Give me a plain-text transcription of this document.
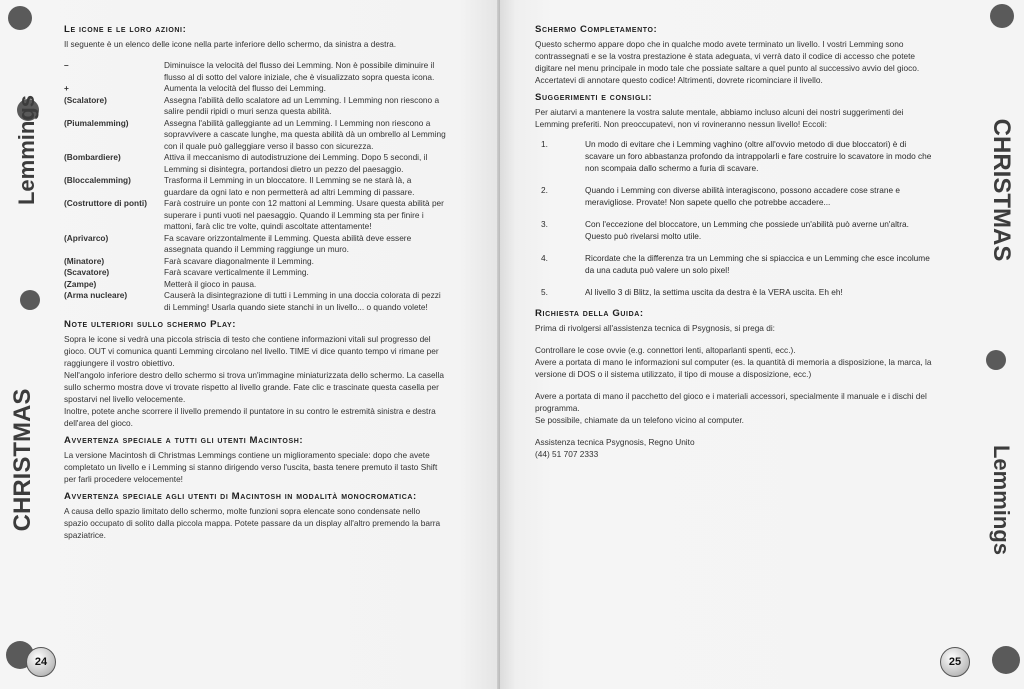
Lemmings
CHRISTMAS
Le icone e le loro azioni:

Il seguente è un elenco delle icone nella parte inferiore dello schermo, da sinistra a destra.

–	Diminuisce la velocità del flusso dei Lemming. Non è possibile diminuire il flusso al di sotto del valore iniziale, che è visualizzato sopra questa icona.
+	Aumenta la velocità del flusso dei Lemming.
(Scalatore)	Assegna l'abilità dello scalatore ad un Lemming. I Lemming non riescono a salire pendii ripidi o muri senza questa abilità.
(Piumalemming)	Assegna l'abilità galleggiante ad un Lemming. I Lemming non riescono a sopravvivere a cascate lunghe, ma questa abilità dà un ombrello al Lemming con il quale può galleggiare verso il basso con sicurezza.
(Bombardiere)	Attiva il meccanismo di autodistruzione dei Lemming. Dopo 5 secondi, il Lemming si disintegra, portandosi dietro un pezzo del paesaggio.
(Bloccalemming)	Trasforma il Lemming in un bloccatore. Il Lemming se ne starà là, a guardare da ogni lato e non permetterà ad altri Lemming di passare.
(Costruttore di ponti)	Farà costruire un ponte con 12 mattoni al Lemming. Usare questa abilità per superare i punti vuoti nel paesaggio. Quando il Lemming sta per finire i mattoni, farà clic tre volte, quindi ascoltate attentamente!
(Aprivarco)	Fa scavare orizzontalmente il Lemming. Questa abilità deve essere assegnata quando il Lemming raggiunge un muro.
(Minatore)	Farà scavare diagonalmente il Lemming.
(Scavatore)	Farà scavare verticalmente il Lemming.
(Zampe)	Metterà il gioco in pausa.
(Arma nucleare)	Causerà la disintegrazione di tutti i Lemming in una doccia colorata di pezzi di Lemming! Usarla quando siete stanchi in un livello... o quando volete!
Note ulteriori sullo schermo Play:

Sopra le icone si vedrà una piccola striscia di testo che contiene informazioni vitali sul progresso del gioco. OUT vi comunica quanti Lemming circolano nel livello. TIME vi dice quanto tempo vi rimane per raggiungere il vostro obiettivo.

Nell'angolo inferiore destro dello schermo si trova un'immagine miniaturizzata dello schermo. La casella sullo schermo mostra dove vi trovate rispetto al livello grande. Fate clic e trascinate questa casella per spostarvi nel livello velocemente.

Inoltre, potete anche scorrere il livello premendo il puntatore in su contro le estremità sinistra e destra dell'area del gioco.

Avvertenza speciale a tutti gli utenti Macintosh:

La versione Macintosh di Christmas Lemmings contiene un miglioramento speciale: dopo che avete completato un livello e i Lemming si stanno dirigendo verso l'uscita, basta tenere premuto il tasto Shift per farli procedere velocemente!

Avvertenza speciale agli utenti di Macintosh in modalità monocromatica:

A causa dello spazio limitato dello schermo, molte funzioni sopra elencate sono condensate nello spazio occupato di solito dalla piccola mappa. Potete passare da un display all'altro premendo la barra spaziatrice.

24
Schermo Completamento:

Questo schermo appare dopo che in qualche modo avete terminato un livello. I vostri Lemming sono contrassegnati e se la vostra prestazione è stata adeguata, vi verrà dato il codice di accesso che potete digitare nel menu principale in modo tale che possiate saltare a quel punto al successivo avvio del gioco. Accertatevi di annotare questo codice! Altrimenti, dovrete ricominciare il livello.

Suggerimenti e consigli:

Per aiutarvi a mantenere la vostra salute mentale, abbiamo incluso alcuni dei nostri suggerimenti dei Lemming preferiti. Non preoccupatevi, non vi rovineranno nessun livello! Eccoli:

1.	Un modo di evitare che i Lemming vaghino (oltre all'ovvio metodo di due bloccatori) è di scavare un foro abbastanza profondo da intrappolarli e fare costruire lo scavatore in modo che non scompaia dallo schermo a furia di scavare.
2.	Quando i Lemming con diverse abilità interagiscono, possono accadere cose strane e meravigliose. Provate! Non sapete quello che potrebbe accadere...
3.	Con l'eccezione del bloccatore, un Lemming che possiede un'abilità può averne un'altra. Questo può rivelarsi molto utile.
4.	Ricordate che la differenza tra un Lemming che si spiaccica e un Lemming che esce incolume da una caduta può valere un solo pixel!
5.	Al livello 3 di Blitz, la settima uscita da destra è la VERA uscita. Eh eh!
Richiesta della Guida:

Prima di rivolgersi all'assistenza tecnica di Psygnosis, si prega di:

Controllare le cose ovvie (e.g. connettori lenti, altoparlanti spenti, ecc.).

Avere a portata di mano le informazioni sul computer (es. la quantità di memoria a disposizione, la marca, la versione di DOS o il sistema utilizzato, il tipo di mouse a disposizione, ecc.)

Avere a portata di mano il pacchetto del gioco e i materiali accessori, specialmente il manuale e i dischi del programma.

Se possibile, chiamate da un telefono vicino al computer.

Assistenza tecnica Psygnosis, Regno Unito

(44) 51 707 2333

25
CHRISTMAS
Lemmings
